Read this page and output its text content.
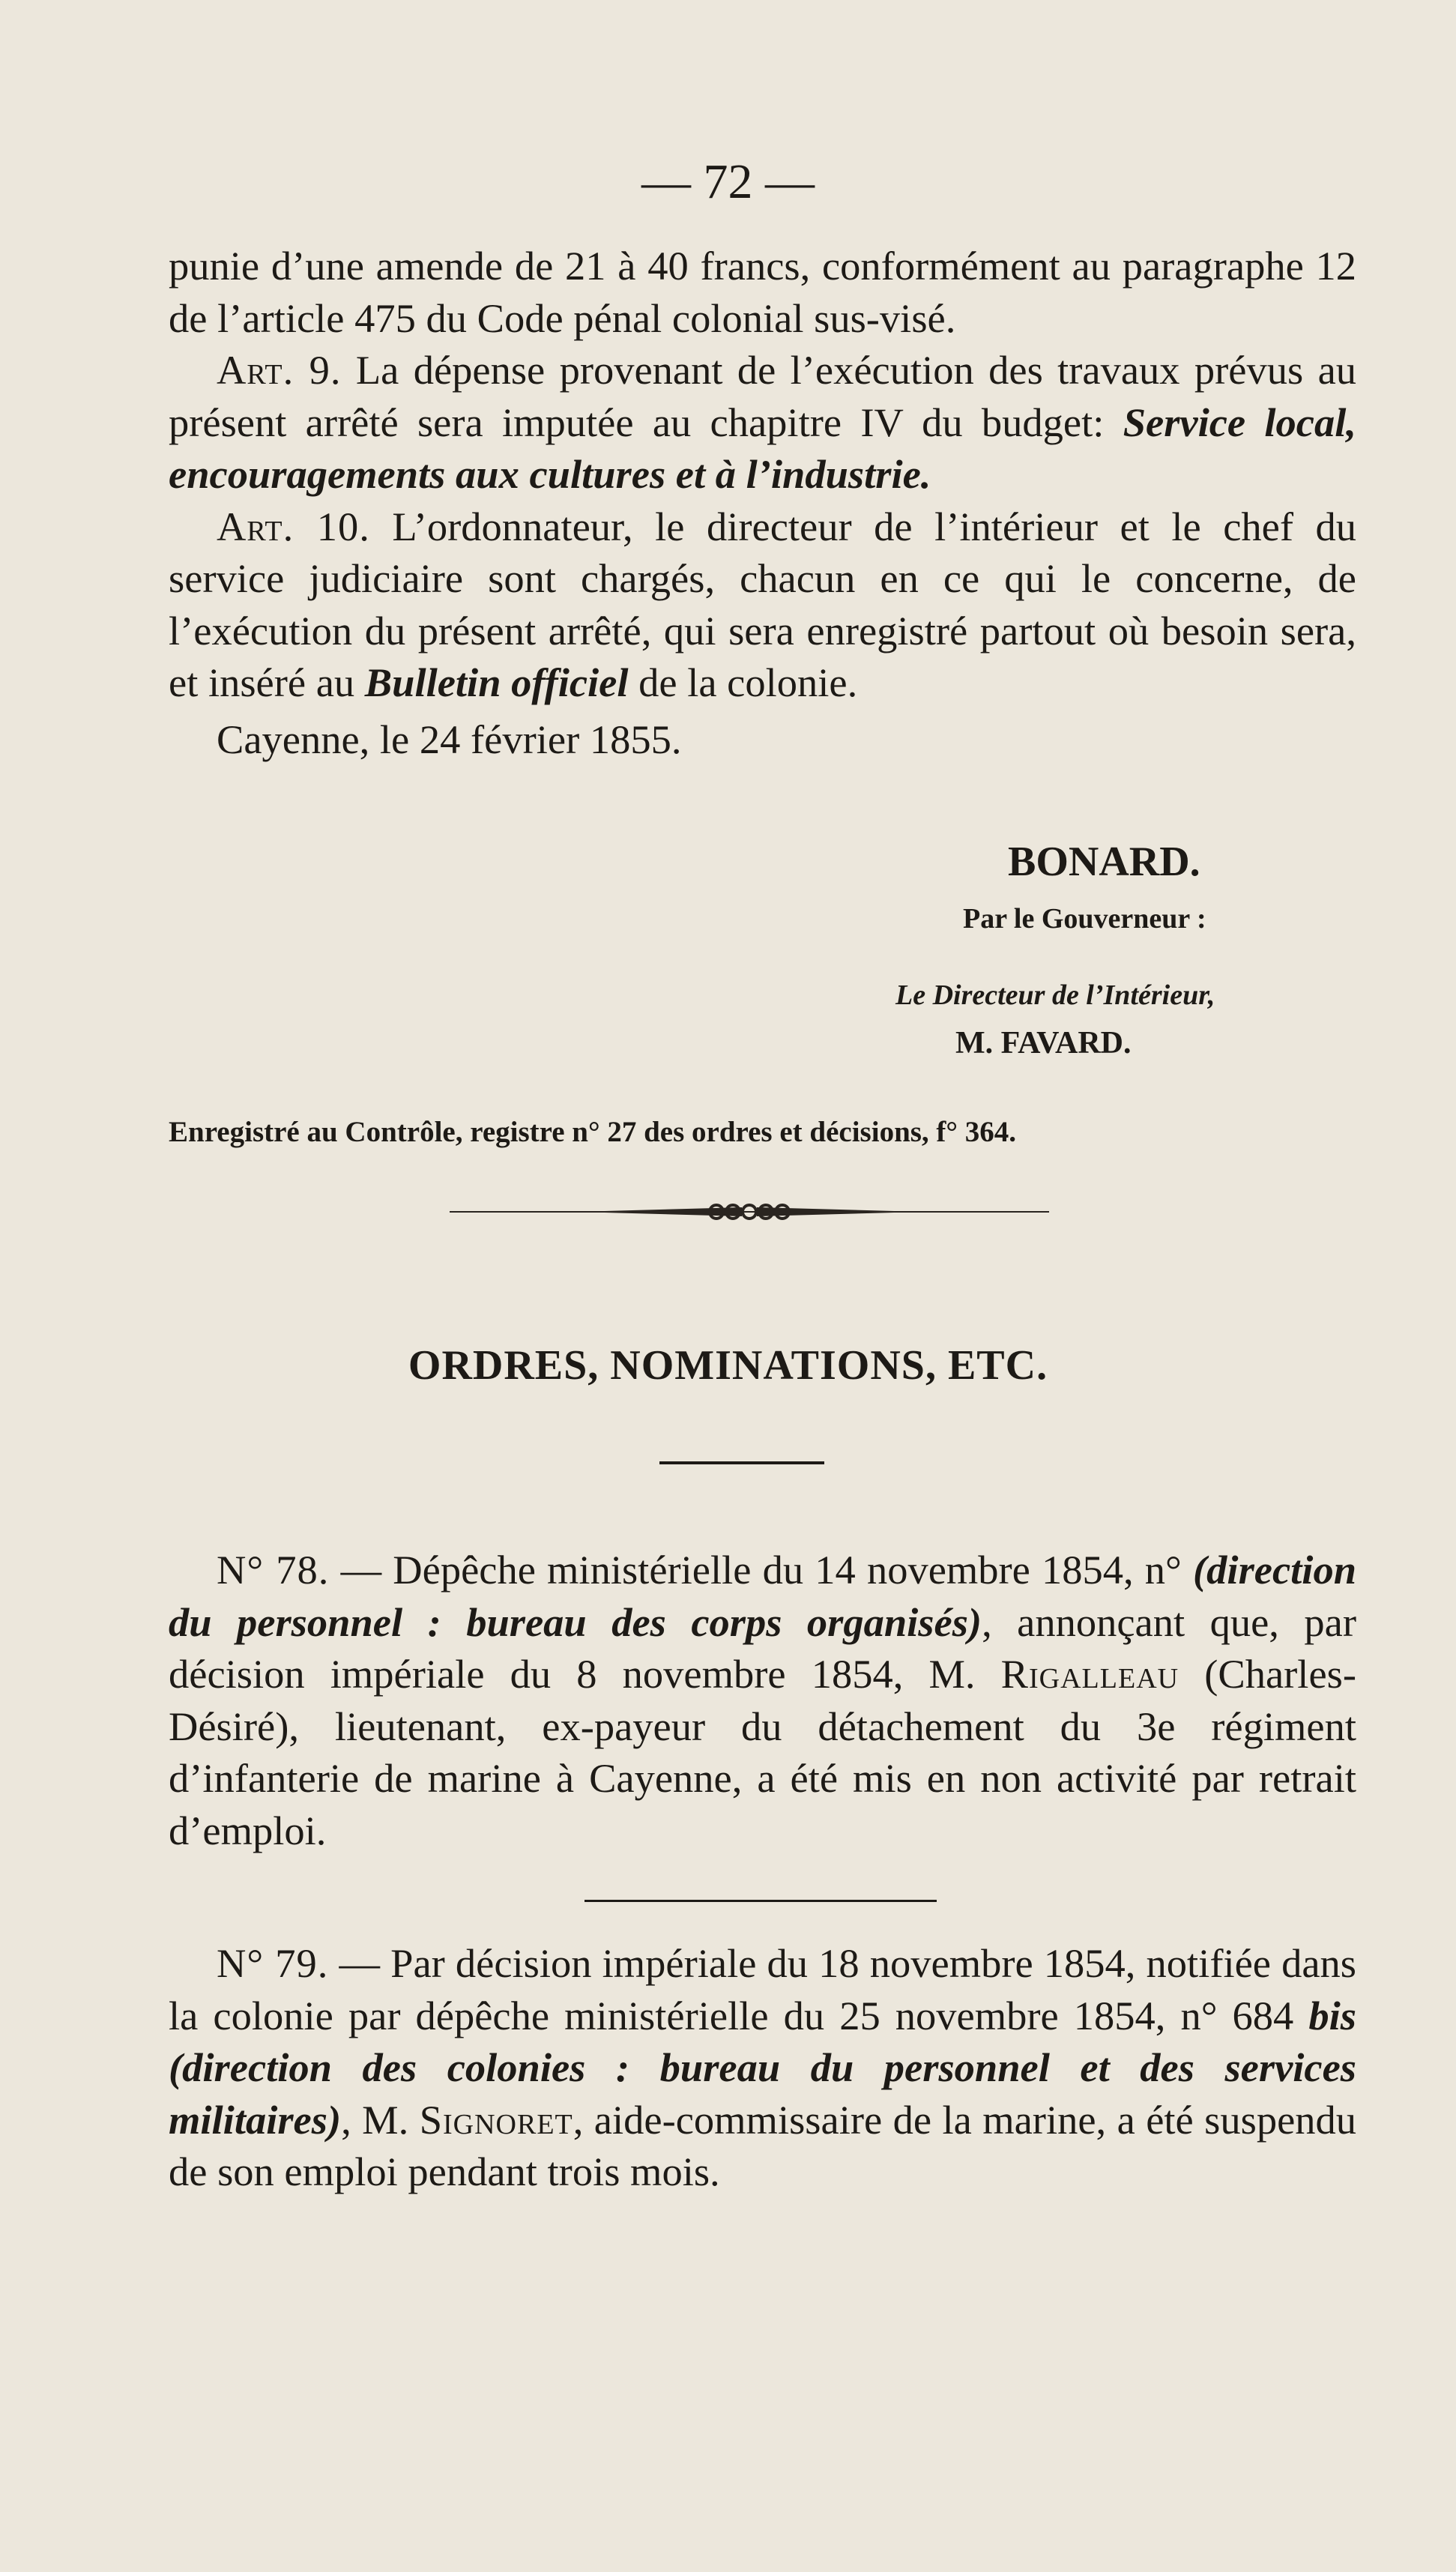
— 72 —

punie d’une amende de 21 à 40 francs, conformément au paragraphe 12 de l’article 475 du Code pénal colonial sus-visé.

Art. 9. La dépense provenant de l’exécution des travaux prévus au présent arrêté sera imputée au chapitre IV du budget: Service local, encouragements aux cultures et à l’industrie.

Art. 10. L’ordonnateur, le directeur de l’intérieur et le chef du service judiciaire sont chargés, chacun en ce qui le concerne, de l’exécution du présent arrêté, qui sera enregistré partout où besoin sera, et inséré au Bulletin officiel de la colonie.

Cayenne, le 24 février 1855.

BONARD.
Par le Gouverneur :
Le Directeur de l’Intérieur,
M. FAVARD.
Enregistré au Contrôle, registre n° 27 des ordres et décisions, f° 364.
ORDRES, NOMINATIONS, ETC.

N° 78. — Dépêche ministérielle du 14 novembre 1854, n° (direction du personnel : bureau des corps organisés), annonçant que, par décision impériale du 8 novembre 1854, M. Rigalleau (Charles-Désiré), lieutenant, ex-payeur du détachement du 3e régiment d’infanterie de marine à Cayenne, a été mis en non activité par retrait d’emploi.

N° 79. — Par décision impériale du 18 novembre 1854, notifiée dans la colonie par dépêche ministérielle du 25 novembre 1854, n° 684 bis (direction des colonies : bureau du personnel et des services militaires), M. Signoret, aide-commissaire de la marine, a été suspendu de son emploi pendant trois mois.
